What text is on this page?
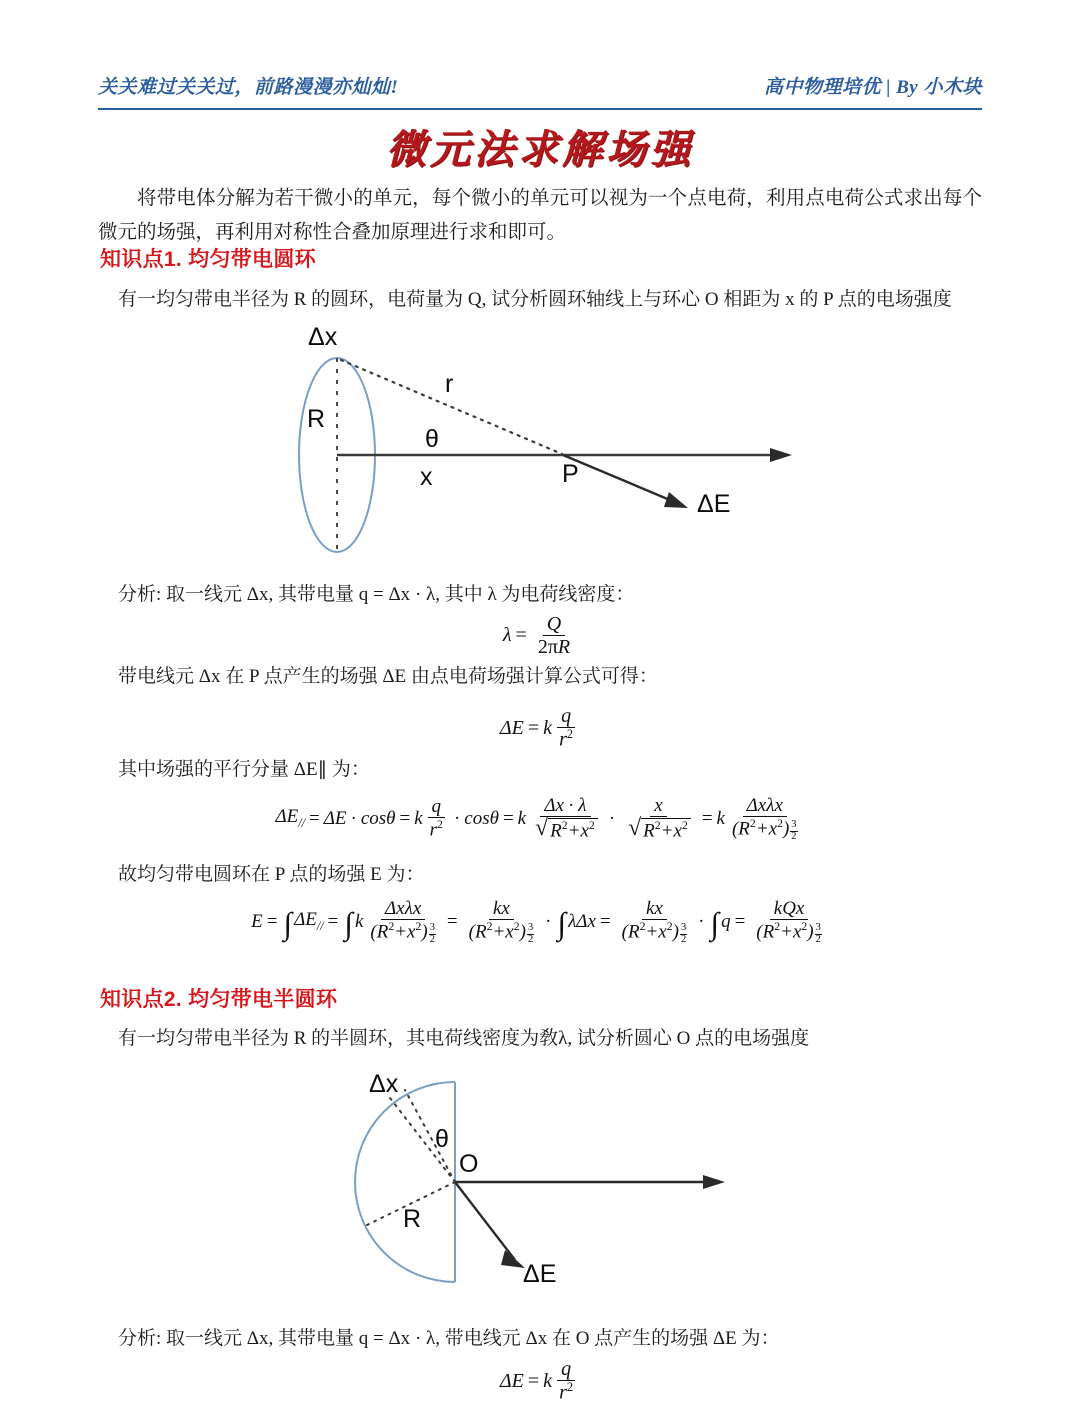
关关难过关关过，前路漫漫亦灿灿!	高中物理培优 | By 小木块
微元法求解场强
将带电体分解为若干微小的单元，每个微小的单元可以视为一个点电荷，利用点电荷公式求出每个微元的场强，再利用对称性合叠加原理进行求和即可。
知识点1. 均匀带电圆环
有一均匀带电半径为 R 的圆环，电荷量为 Q, 试分析圆环轴线上与环心 O 相距为 x 的 P 点的电场强度
Δx
R
r
θ
x	P
ΔE
分析: 取一线元 Δx, 其带电量 q = Δx · λ, 其中 λ 为电荷线密度：
$\lambda = \frac{Q}{2\pi R}$
带电线元 Δx 在 P 点产生的场强 ΔE 由点电荷场强计算公式可得：
ΔE = k $\frac{q}{r^2}$
其中场强的平行分量 ΔE∥ 为：
$\Delta E_{//} = \Delta E \cdot \cos\theta = k \frac{q}{r^2} \cdot \cos\theta = k \frac{\Delta x \cdot \lambda}{√ R^2+x^2} \cdot \frac{x}{√ R^2+x^2} = k \frac{\text{Δxλx}}{(R^2+x^2) \frac{3}{2}}$
故均匀带电圆环在 P 点的场强 E 为：
E = ∫ $\Delta E_{//}$ = ∫ k $\frac{\text{Δxλx}}{(R^2+x^2) \frac{3}{2}} = \frac{kx}{(R^2+x^2) \frac{3}{2}}$ · ∫ $\lambda\Delta x = \frac{kx}{(R^2+x^2) \frac{3}{2}}$ · ∫ $q = \frac{\text{kQx}}{(R^2+x^2) \frac{3}{2}}$
知识点2. 均匀带电半圆环
有一均匀带电半径为 R 的半圆环，其电荷线密度为敎λ, 试分析圆心 O 点的电场强度
Δx
θ
O
R
ΔE
分析: 取一线元 Δx, 其带电量 q = Δx · λ, 带电线元 Δx 在 O 点产生的场强 ΔE 为：
ΔE = k $\frac{q}{r^2}$
